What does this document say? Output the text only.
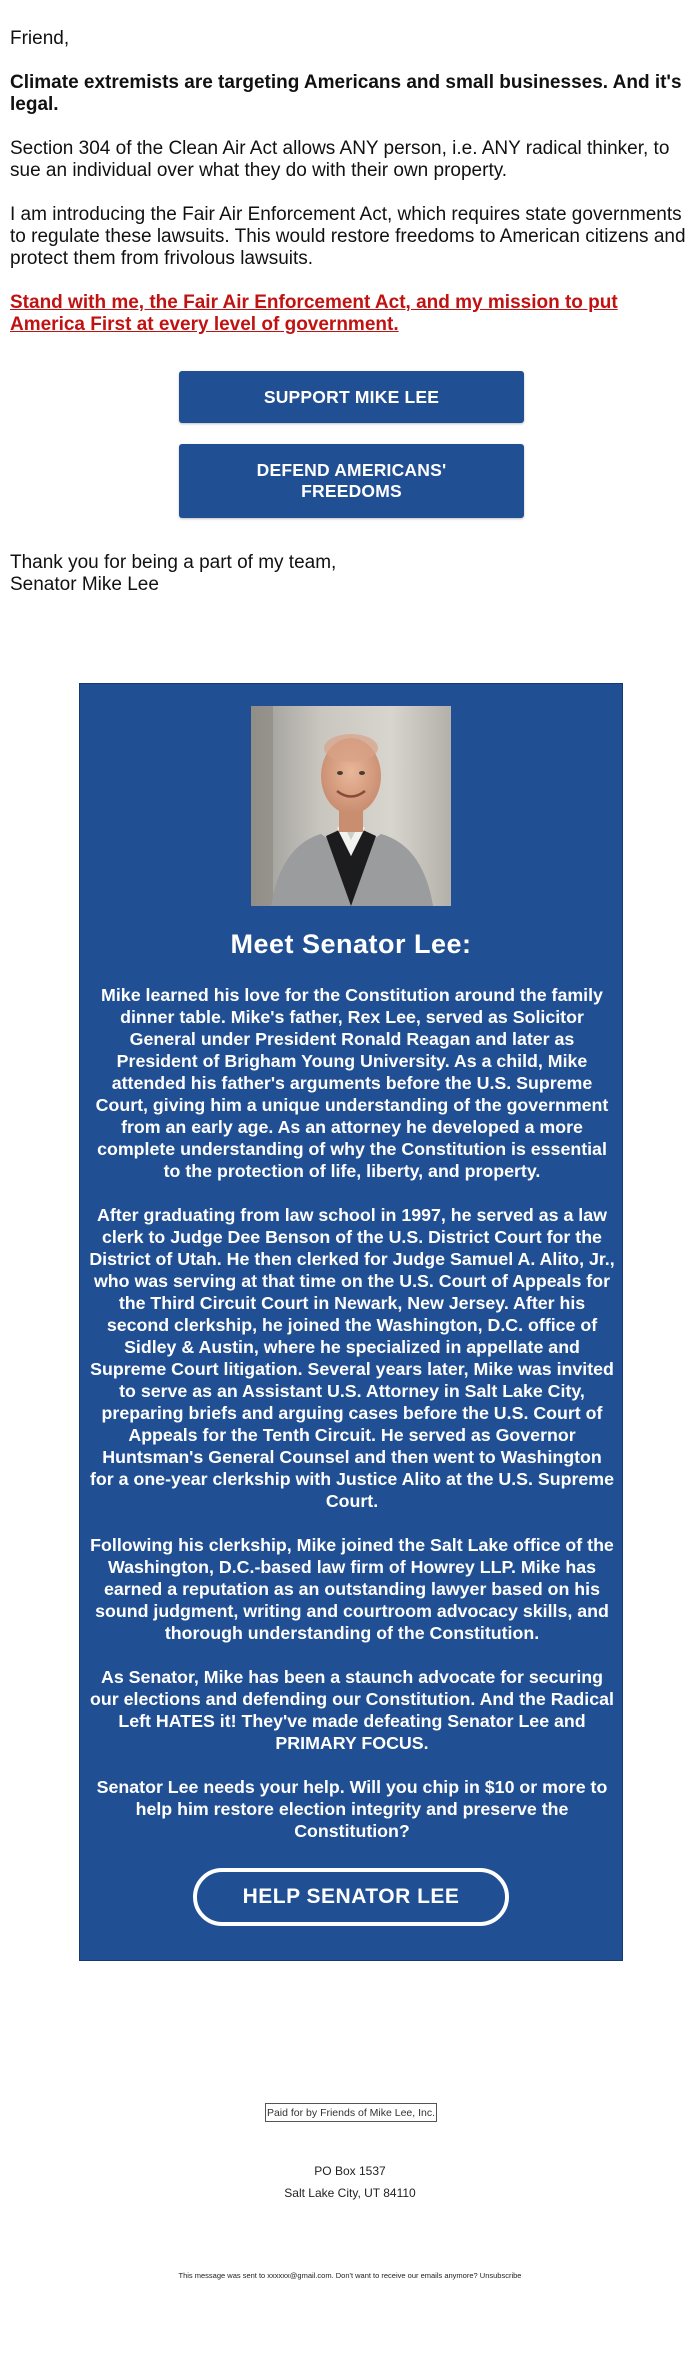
Friend,

Climate extremists are targeting Americans and small businesses. And it's legal.

Section 304 of the Clean Air Act allows ANY person, i.e. ANY radical thinker, to sue an individual over what they do with their own property.

I am introducing the Fair Air Enforcement Act, which requires state governments to regulate these lawsuits. This would restore freedoms to American citizens and protect them from frivolous lawsuits.

Stand with me, the Fair Air Enforcement Act, and my mission to put America First at every level of government.
SUPPORT MIKE LEE
DEFEND AMERICANS' FREEDOMS
Thank you for being a part of my team,
Senator Mike Lee
Meet Senator Lee:

Mike learned his love for the Constitution around the family dinner table. Mike's father, Rex Lee, served as Solicitor General under President Ronald Reagan and later as President of Brigham Young University. As a child, Mike attended his father's arguments before the U.S. Supreme Court, giving him a unique understanding of the government from an early age. As an attorney he developed a more complete understanding of why the Constitution is essential to the protection of life, liberty, and property.

After graduating from law school in 1997, he served as a law clerk to Judge Dee Benson of the U.S. District Court for the District of Utah. He then clerked for Judge Samuel A. Alito, Jr., who was serving at that time on the U.S. Court of Appeals for the Third Circuit Court in Newark, New Jersey. After his second clerkship, he joined the Washington, D.C. office of Sidley & Austin, where he specialized in appellate and Supreme Court litigation. Several years later, Mike was invited to serve as an Assistant U.S. Attorney in Salt Lake City, preparing briefs and arguing cases before the U.S. Court of Appeals for the Tenth Circuit. He served as Governor Huntsman's General Counsel and then went to Washington for a one-year clerkship with Justice Alito at the U.S. Supreme Court.

Following his clerkship, Mike joined the Salt Lake office of the Washington, D.C.-based law firm of Howrey LLP. Mike has earned a reputation as an outstanding lawyer based on his sound judgment, writing and courtroom advocacy skills, and thorough understanding of the Constitution.

As Senator, Mike has been a staunch advocate for securing our elections and defending our Constitution. And the Radical Left HATES it! They've made defeating Senator Lee and PRIMARY FOCUS.

Senator Lee needs your help. Will you chip in $10 or more to help him restore election integrity and preserve the Constitution?

HELP SENATOR LEE
Paid for by Friends of Mike Lee, Inc.
PO Box 1537
Salt Lake City, UT 84110
This message was sent to xxxxxx@gmail.com. Don't want to receive our emails anymore? Unsubscribe
